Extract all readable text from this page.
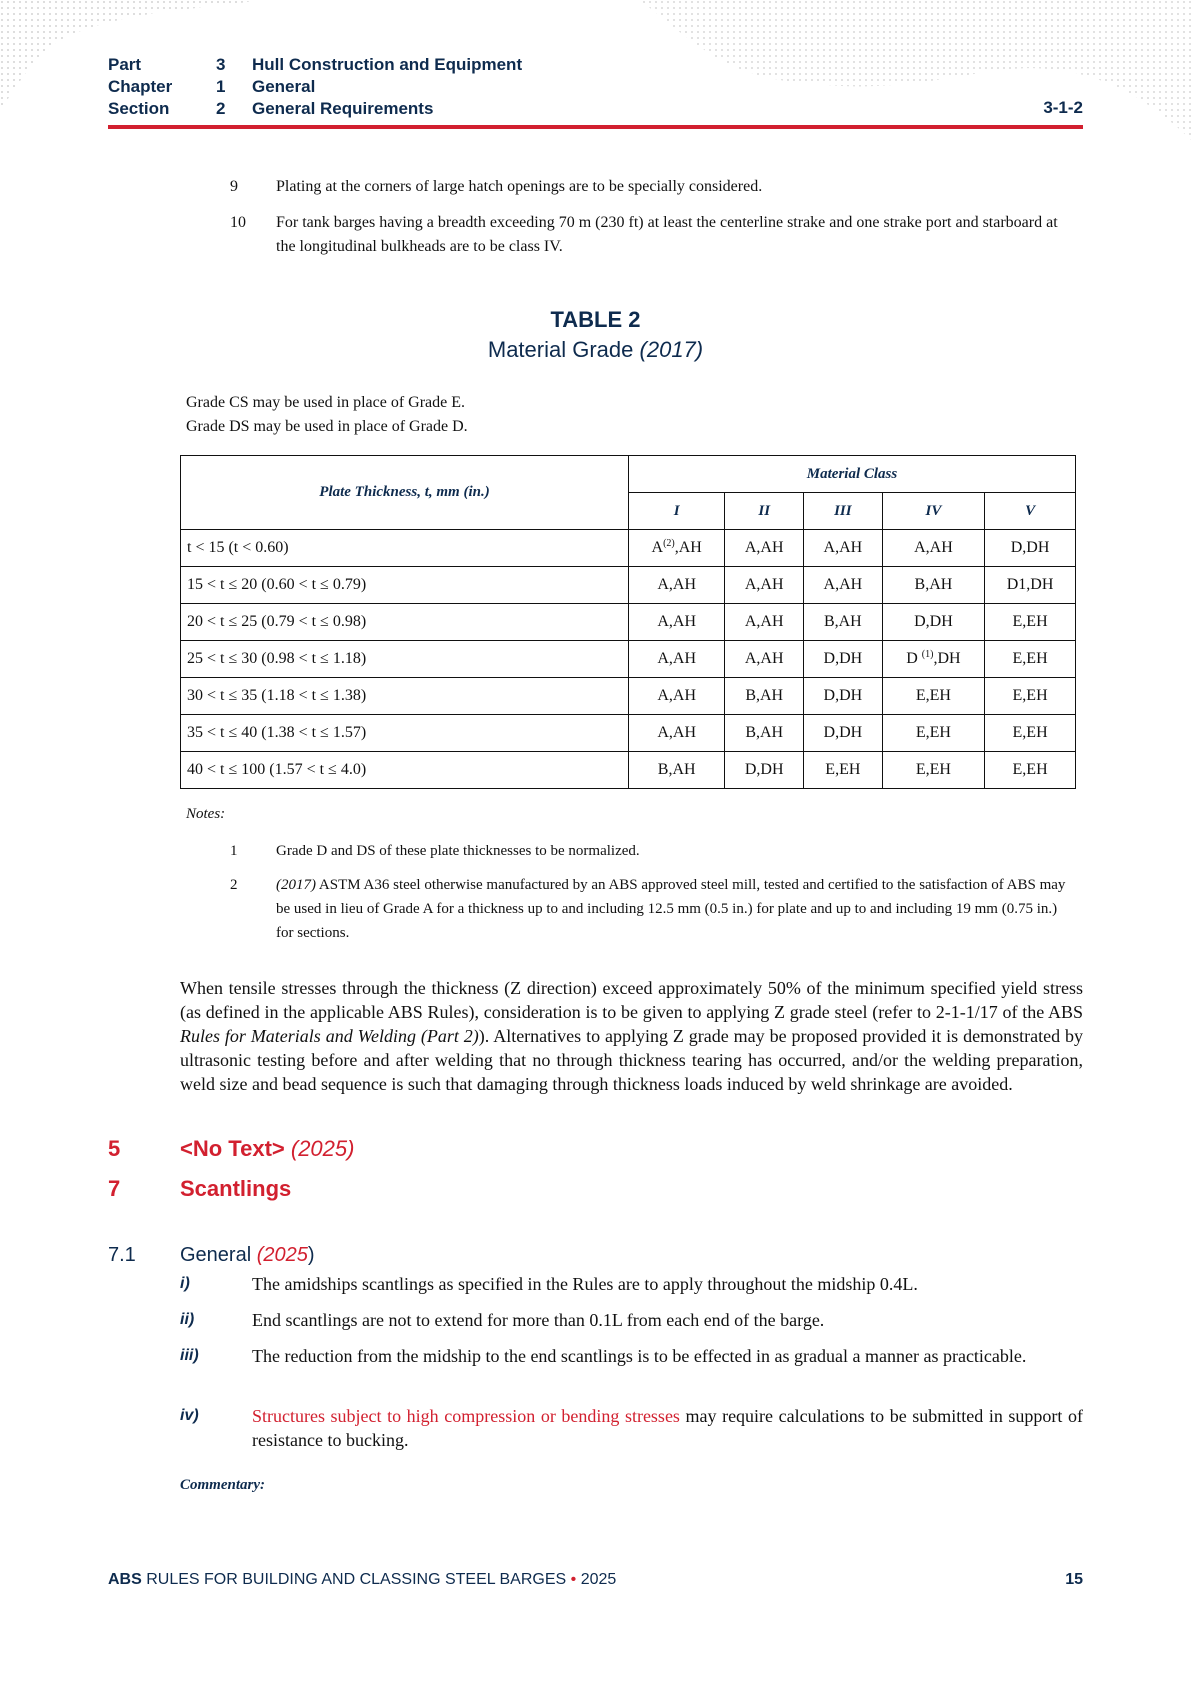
Part	3	Hull Construction and Equipment
Chapter	1	General
Section	2	General Requirements	3-1-2
9	Plating at the corners of large hatch openings are to be specially considered.
10	For tank barges having a breadth exceeding 70 m (230 ft) at least the centerline strake and one strake port and starboard at the longitudinal bulkheads are to be class IV.
TABLE 2
Material Grade (2017)
Grade CS may be used in place of Grade E.
Grade DS may be used in place of Grade D.
Plate Thickness, t, mm (in.)	Material Class				
	I	II	III	IV	V
t < 15 (t < 0.60)	$A^{(2)},AH$	A,AH	A,AH	A,AH	D,DH
15 < t ≤ 20 (0.60 < t ≤ 0.79)	A,AH	A,AH	A,AH	B,AH	D1,DH
20 < t ≤ 25 (0.79 < t ≤ 0.98)	A,AH	A,AH	B,AH	D,DH	E,EH
25 < t ≤ 30 (0.98 < t ≤ 1.18)	A,AH	A,AH	D,DH	D $^{(1)}$,DH	E,EH
30 < t ≤ 35 (1.18 < t ≤ 1.38)	A,AH	B,AH	D,DH	E,EH	E,EH
35 < t ≤ 40 (1.38 < t ≤ 1.57)	A,AH	B,AH	D,DH	E,EH	E,EH
40 < t ≤ 100 (1.57 < t ≤ 4.0)	B,AH	D,DH	E,EH	E,EH	E,EH
Notes:
1	Grade D and DS of these plate thicknesses to be normalized.
2	(2017) ASTM A36 steel otherwise manufactured by an ABS approved steel mill, tested and certified to the satisfaction of ABS may be used in lieu of Grade A for a thickness up to and including 12.5 mm (0.5 in.) for plate and up to and including 19 mm (0.75 in.) for sections.
When tensile stresses through the thickness (Z direction) exceed approximately 50% of the minimum specified yield stress (as defined in the applicable ABS Rules), consideration is to be given to applying Z grade steel (refer to 2-1-1/17 of the ABS Rules for Materials and Welding (Part 2)). Alternatives to applying Z grade may be proposed provided it is demonstrated by ultrasonic testing before and after welding that no through thickness tearing has occurred, and/or the welding preparation, weld size and bead sequence is such that damaging through thickness loads induced by weld shrinkage are avoided.
5	<No Text> (2025)
7	Scantlings
7.1	General (2025)
i)	The amidships scantlings as specified in the Rules are to apply throughout the midship 0.4L.
ii)	End scantlings are not to extend for more than 0.1L from each end of the barge.
iii)	The reduction from the midship to the end scantlings is to be effected in as gradual a manner as practicable.
iv)	Structures subject to high compression or bending stresses may require calculations to be submitted in support of resistance to bucking.
Commentary:
ABS RULES FOR BUILDING AND CLASSING STEEL BARGES • 2025	15
